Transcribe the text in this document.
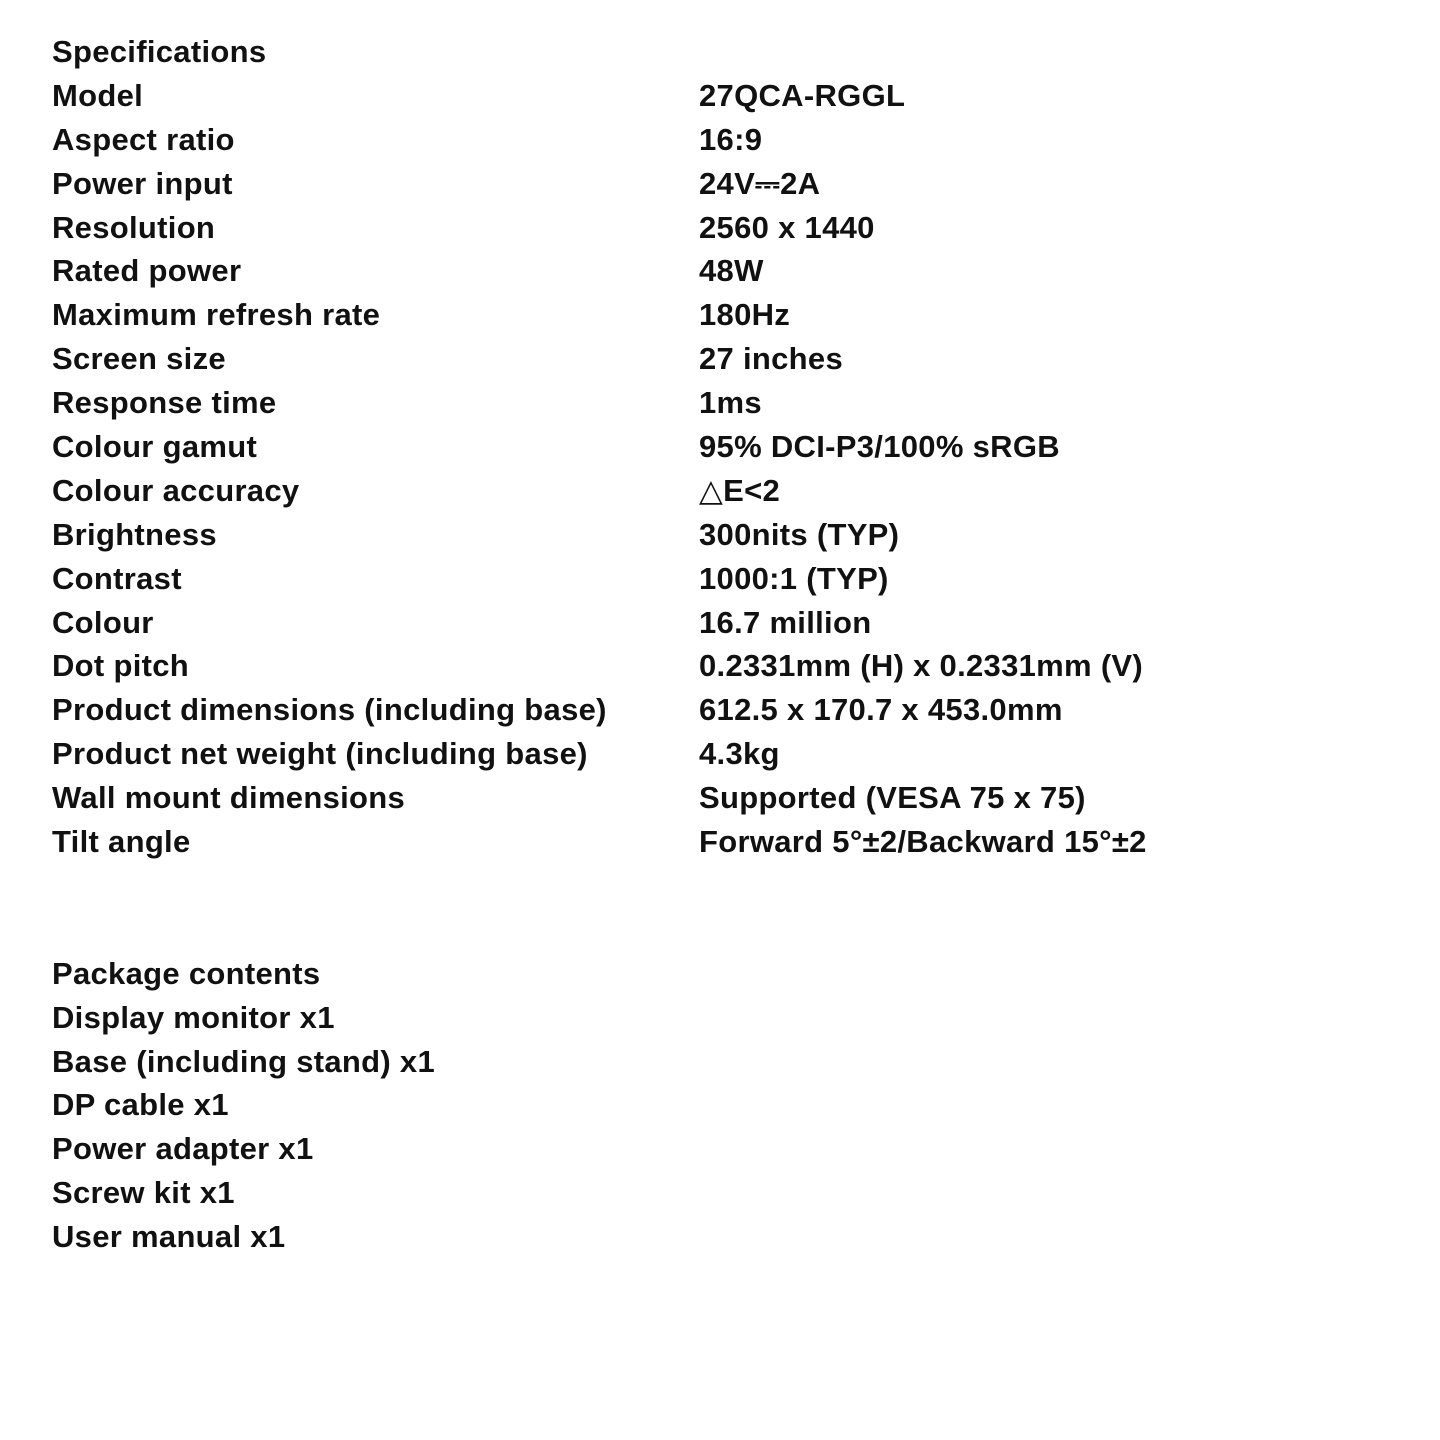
Specifications
Model	27QCA-RGGL
Aspect ratio	16:9
Power input	24V⎓2A
Resolution	2560 x 1440
Rated power	48W
Maximum refresh rate	180Hz
Screen size	27 inches
Response time	1ms
Colour gamut	95% DCI-P3/100% sRGB
Colour accuracy	△E<2
Brightness	300nits (TYP)
Contrast	1000:1 (TYP)
Colour	16.7 million
Dot pitch	0.2331mm (H) x 0.2331mm (V)
Product dimensions (including base)	612.5 x 170.7 x 453.0mm
Product net weight (including base)	4.3kg
Wall mount dimensions	Supported (VESA 75 x 75)
Tilt angle	Forward 5°±2/Backward 15°±2
Package contents
Display monitor x1
Base (including stand) x1
DP cable x1
Power adapter x1
Screw kit x1
User manual x1
